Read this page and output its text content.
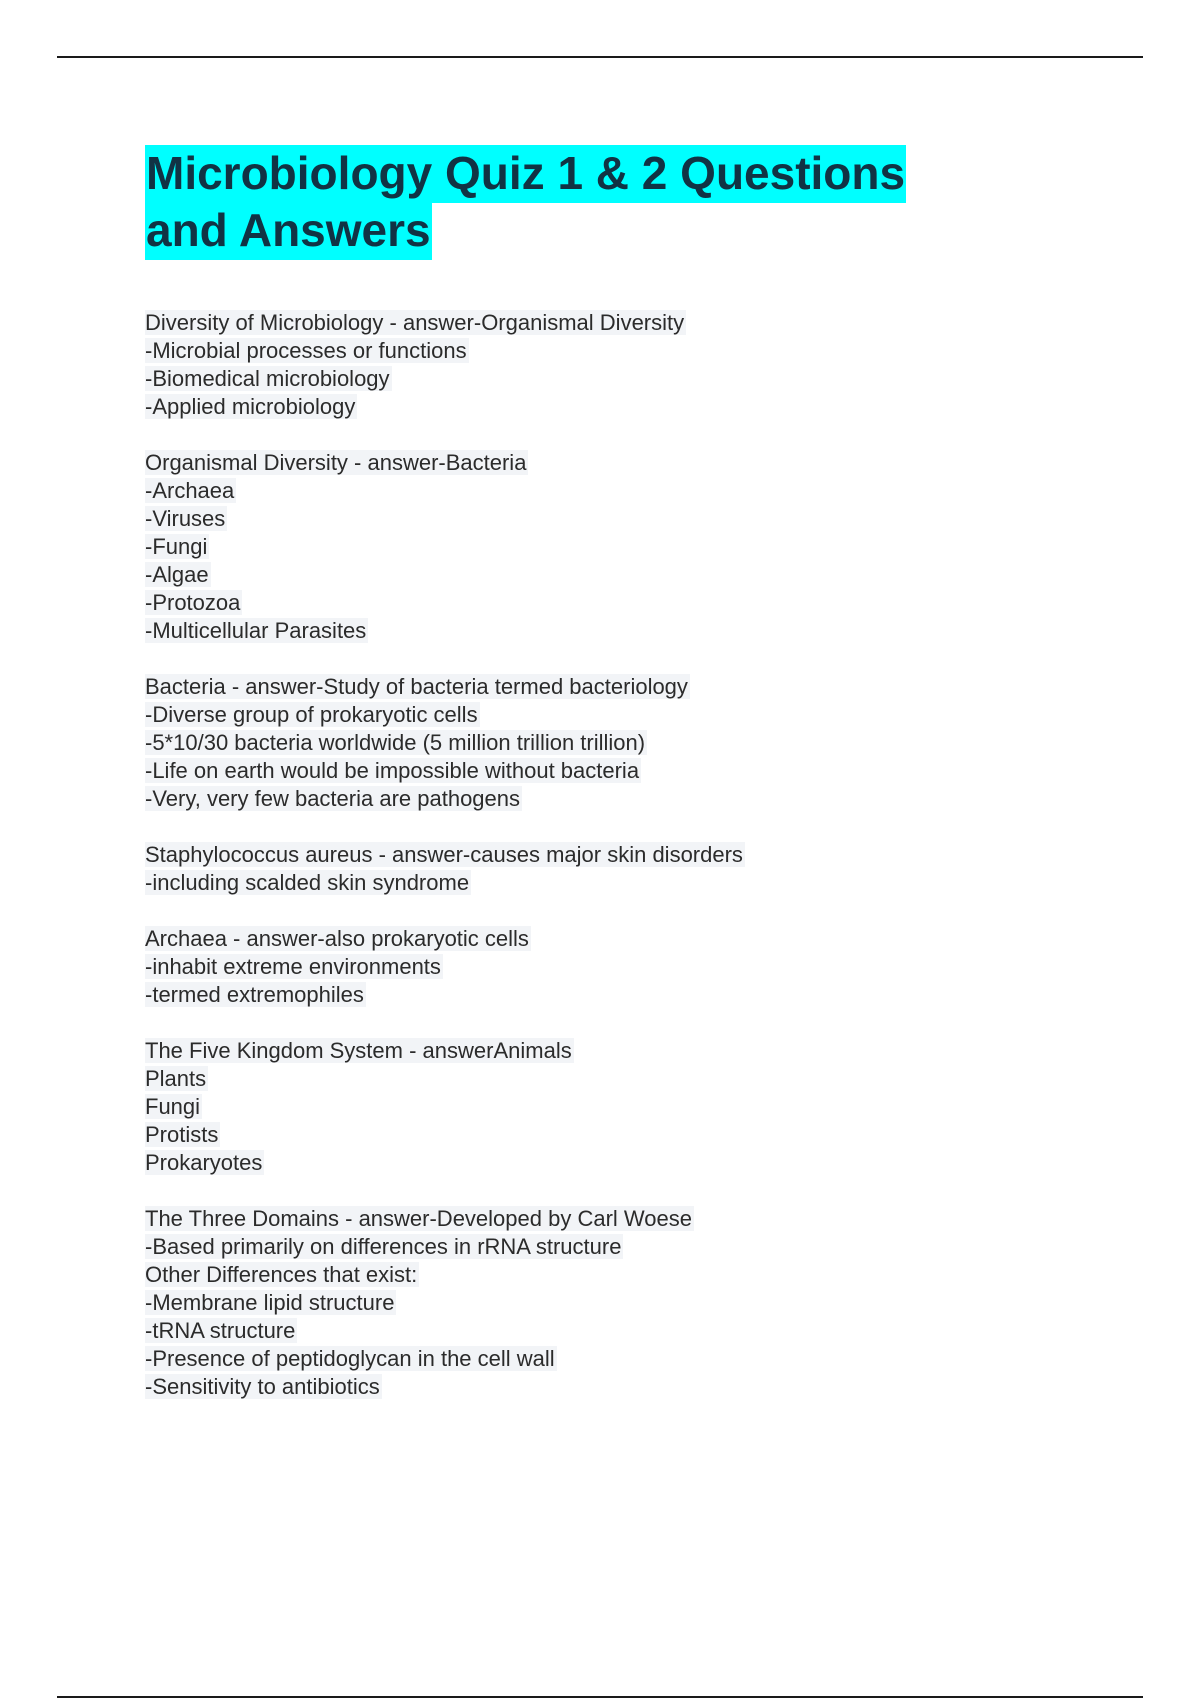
Microbiology Quiz 1 & 2 Questions
and Answers
Diversity of Microbiology - answer-Organismal Diversity
-Microbial processes or functions
-Biomedical microbiology
-Applied microbiology
Organismal Diversity - answer-Bacteria
-Archaea
-Viruses
-Fungi
-Algae
-Protozoa
-Multicellular Parasites
Bacteria - answer-Study of bacteria termed bacteriology
-Diverse group of prokaryotic cells
-5*10/30 bacteria worldwide (5 million trillion trillion)
-Life on earth would be impossible without bacteria
-Very, very few bacteria are pathogens
Staphylococcus aureus - answer-causes major skin disorders
-including scalded skin syndrome
Archaea - answer-also prokaryotic cells
-inhabit extreme environments
-termed extremophiles
The Five Kingdom System - answerAnimals
Plants
Fungi
Protists
Prokaryotes
The Three Domains - answer-Developed by Carl Woese
-Based primarily on differences in rRNA structure
Other Differences that exist:
-Membrane lipid structure
-tRNA structure
-Presence of peptidoglycan in the cell wall
-Sensitivity to antibiotics
